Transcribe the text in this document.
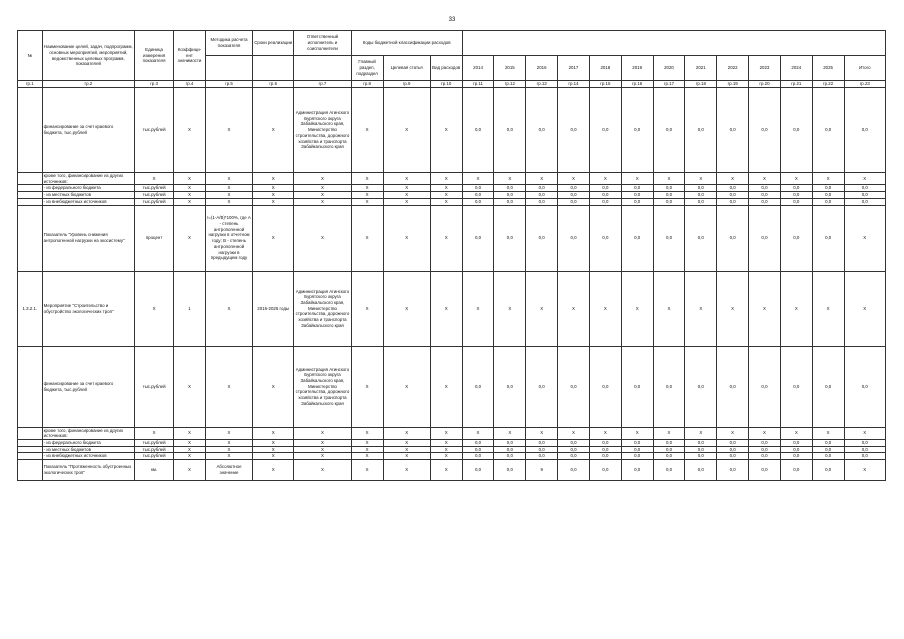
33
№	Наименование целей, задач, подпрограмм, основных мероприятий, мероприятий, ведомственных целевых программ, показателей	Единица измерения показателя	Коэффици-ент значимости	Методика расчета показателя	Сроки реализации	Ответственный исполнитель и соисполнители	Коды бюджетной классификации расходов															
							Главный раздел, подраздел	Целевая статья	Вид расходов	2014	2015	2016	2017	2018	2019	2020	2021	2022	2023	2024	2025	Итого
гр.1	гр.2	гр.3	гр.4	гр.5	гр.6	гр.7	гр.8	гр.9	гр.10	гр.11	гр.12	гр.13	гр.14	гр.15	гр.16	гр.17	гр.18	гр.19	гр.20	гр.21	гр.22	гр.23
	финансирование за счет краевого бюджета, тыс.рублей	тыс.рублей	Х	Х	Х	Администрация Агинского Бурятского округа Забайкальского края, Министерство строительства, дорожного хозяйства и транспорта Забайкальского края	Х	Х	Х	0,0	0,0	0,0	0,0	0,0	0,0	0,0	0,0	0,0	0,0	0,0	0,0	0,0
	кроме того, финансирование из других источников:	Х	Х	Х	Х	Х	Х	Х	Х	Х	Х	Х	Х	Х	Х	Х	Х	Х	Х	Х	Х	Х
	- из федерального бюджета	тыс.рублей	Х	Х	Х	Х	Х	Х	Х	0,0	0,0	0,0	0,0	0,0	0,0	0,0	0,0	0,0	0,0	0,0	0,0	0,0
	- из местных бюджетов	тыс.рублей	Х	Х	Х	Х	Х	Х	Х	0,0	0,0	0,0	0,0	0,0	0,0	0,0	0,0	0,0	0,0	0,0	0,0	0,0
	- из внебюджетных источников	тыс.рублей	Х	Х	Х	Х	Х	Х	Х	0,0	0,0	0,0	0,0	0,0	0,0	0,0	0,0	0,0	0,0	0,0	0,0	0,0
	Показатель "Уровень снижения антропогенной нагрузки на экосистему"	процент	Х	I=(1-A/B)*100%, где А - степень антропогенной нагрузки в отчетном году; В - степень антропогенной нагрузки в предыдущем году	Х	Х	Х	Х	Х	0,0	0,0	0,0	0,0	0,0	0,0	0,0	0,0	0,0	0,0	0,0	0,0	Х
1.3.2.1.	Мероприятие "Строительство и обустройство экологических троп"	Х	1	Х	2016-2025 годы	Администрация Агинского Бурятского округа Забайкальского края, Министерство строительства, дорожного хозяйства и транспорта Забайкальского края	Х	Х	Х	Х	Х	Х	Х	Х	Х	Х	Х	Х	Х	Х	Х	Х
	финансирование за счет краевого бюджета, тыс.рублей	тыс.рублей	Х	Х	Х	Администрация Агинского Бурятского округа Забайкальского края, Министерство строительства, дорожного хозяйства и транспорта Забайкальского края	Х	Х	Х	0,0	0,0	0,0	0,0	0,0	0,0	0,0	0,0	0,0	0,0	0,0	0,0	0,0
	кроме того, финансирование из других источников:	Х	Х	Х	Х	Х	Х	Х	Х	Х	Х	Х	Х	Х	Х	Х	Х	Х	Х	Х	Х	Х
	- из федерального бюджета	тыс.рублей	Х	Х	Х	Х	Х	Х	Х	0,0	0,0	0,0	0,0	0,0	0,0	0,0	0,0	0,0	0,0	0,0	0,0	0,0
	- из местных бюджетов	тыс.рублей	Х	Х	Х	Х	Х	Х	Х	0,0	0,0	0,0	0,0	0,0	0,0	0,0	0,0	0,0	0,0	0,0	0,0	0,0
	- из внебюджетных источников	тыс.рублей	Х	Х	Х	Х	Х	Х	Х	0,0	0,0	0,0	0,0	0,0	0,0	0,0	0,0	0,0	0,0	0,0	0,0	0,0
	Показатель "Протяженность обустроенных экологических троп"	км.	Х	Абсолютное значение	Х	Х	Х	Х	Х	0,0	0,0	9	0,0	0,0	0,0	0,0	0,0	0,0	0,0	0,0	0,0	Х
